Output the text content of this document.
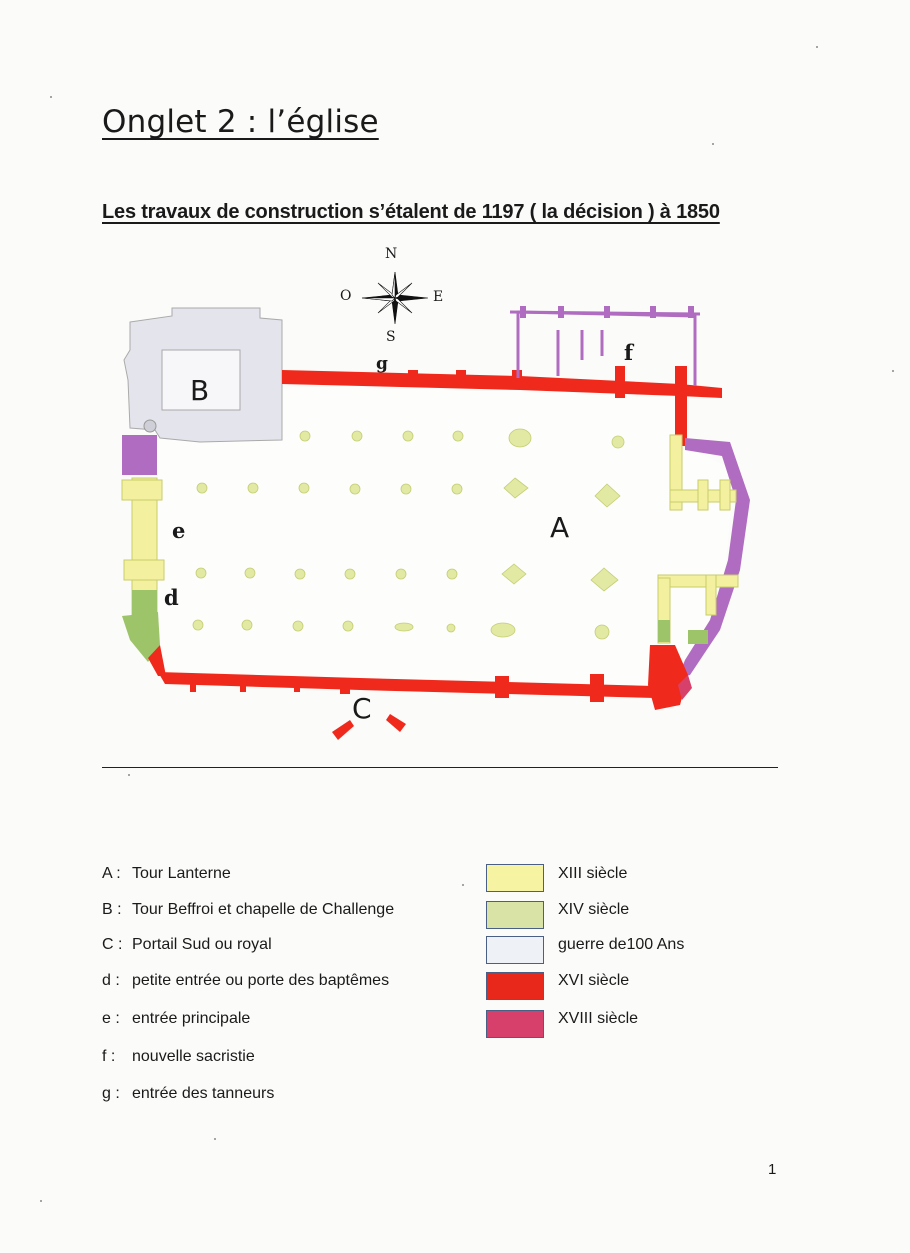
Onglet 2 : l’église
Les travaux de construction s’étalent de 1197 ( la décision ) à 1850
N
S
E
O
B
A
C
e
d
f
g
A : Tour Lanterne
B : Tour Beffroi et chapelle de Challenge
C : Portail Sud ou royal
d : petite entrée ou porte des baptêmes
e : entrée principale
f : nouvelle sacristie
g : entrée des tanneurs
XIII siècle
XIV siècle
guerre de100 Ans
XVI siècle
XVIII siècle
1
